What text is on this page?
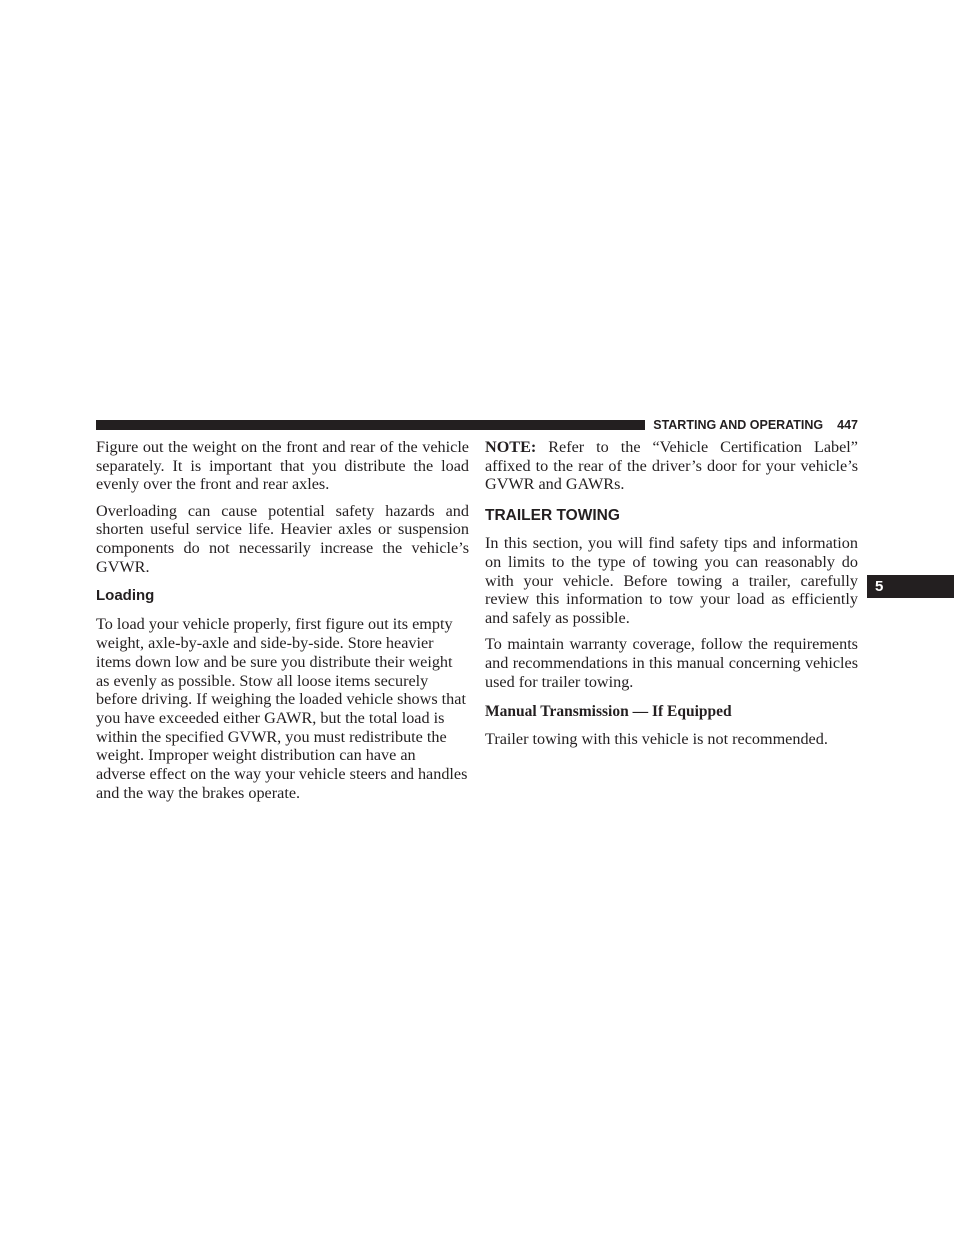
STARTING AND OPERATING 447
5

Figure out the weight on the front and rear of the vehicle separately. It is important that you distribute the load evenly over the front and rear axles.

Overloading can cause potential safety hazards and shorten useful service life. Heavier axles or suspension components do not necessarily increase the vehicle’s GVWR.

Loading

To load your vehicle properly, first figure out its empty weight, axle-by-axle and side-by-side. Store heavier items down low and be sure you distribute their weight as evenly as possible. Stow all loose items securely before driving. If weighing the loaded vehicle shows that you have exceeded either GAWR, but the total load is within the specified GVWR, you must redistribute the weight. Improper weight distribution can have an adverse effect on the way your vehicle steers and handles and the way the brakes operate.

NOTE: Refer to the “Vehicle Certification Label” affixed to the rear of the driver’s door for your vehicle’s GVWR and GAWRs.

TRAILER TOWING

In this section, you will find safety tips and information on limits to the type of towing you can reasonably do with your vehicle. Before towing a trailer, carefully review this information to tow your load as efficiently and safely as possible.

To maintain warranty coverage, follow the requirements and recommendations in this manual concerning vehicles used for trailer towing.

Manual Transmission — If Equipped

Trailer towing with this vehicle is not recommended.
